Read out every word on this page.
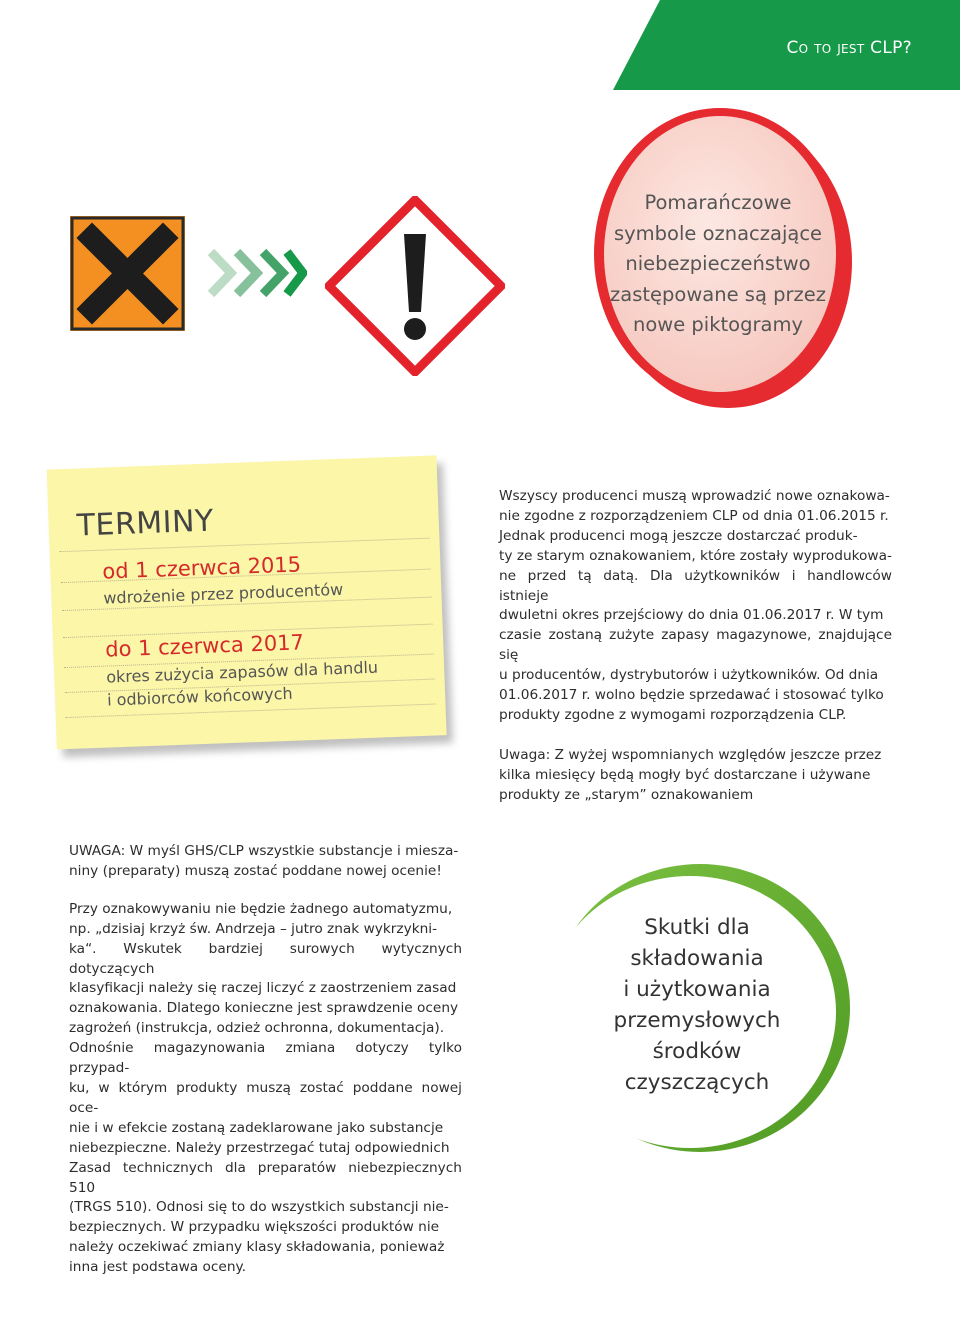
Co to jest CLP?
Pomarańczowe
symbole oznaczające
niebezpieczeństwo
zastępowane są przez
nowe piktogramy
TERMINY
od 1 czerwca 2015
wdrożenie przez producentów
do 1 czerwca 2017
okres zużycia zapasów dla handlu
i odbiorców końcowych
Wszyscy producenci muszą wprowadzić nowe oznakowa-
nie zgodne z rozporządzeniem CLP od dnia 01.06.2015 r.
Jednak producenci mogą jeszcze dostarczać produk-
ty ze starym oznakowaniem, które zostały wyprodukowa-
ne przed tą datą. Dla użytkowników i handlowców istnieje
dwuletni okres przejściowy do dnia 01.06.2017 r. W tym
czasie zostaną zużyte zapasy magazynowe, znajdujące się
u producentów, dystrybutorów i użytkowników. Od dnia
01.06.2017 r. wolno będzie sprzedawać i stosować tylko
produkty zgodne z wymogami rozporządzenia CLP.
Uwaga: Z wyżej wspomnianych względów jeszcze przez
kilka miesięcy będą mogły być dostarczane i używane
produkty ze „starym” oznakowaniem
UWAGA: W myśl GHS/CLP wszystkie substancje i miesza-
niny (preparaty) muszą zostać poddane nowej ocenie!
Przy oznakowywaniu nie będzie żadnego automatyzmu,
np. „dzisiaj krzyż św. Andrzeja – jutro znak wykrzykni-
ka“. Wskutek bardziej surowych wytycznych dotyczących
klasyfikacji należy się raczej liczyć z zaostrzeniem zasad
oznakowania. Dlatego konieczne jest sprawdzenie oceny
zagrożeń (instrukcja, odzież ochronna, dokumentacja).
Odnośnie magazynowania zmiana dotyczy tylko przypad-
ku, w którym produkty muszą zostać poddane nowej oce-
nie i w efekcie zostaną zadeklarowane jako substancje
niebezpieczne. Należy przestrzegać tutaj odpowiednich
Zasad technicznych dla preparatów niebezpiecznych 510
(TRGS 510). Odnosi się to do wszystkich substancji nie-
bezpiecznych. W przypadku większości produktów nie
należy oczekiwać zmiany klasy składowania, ponieważ
inna jest podstawa oceny.
Skutki dla
składowania
i użytkowania
przemysłowych
środków
czyszczących
